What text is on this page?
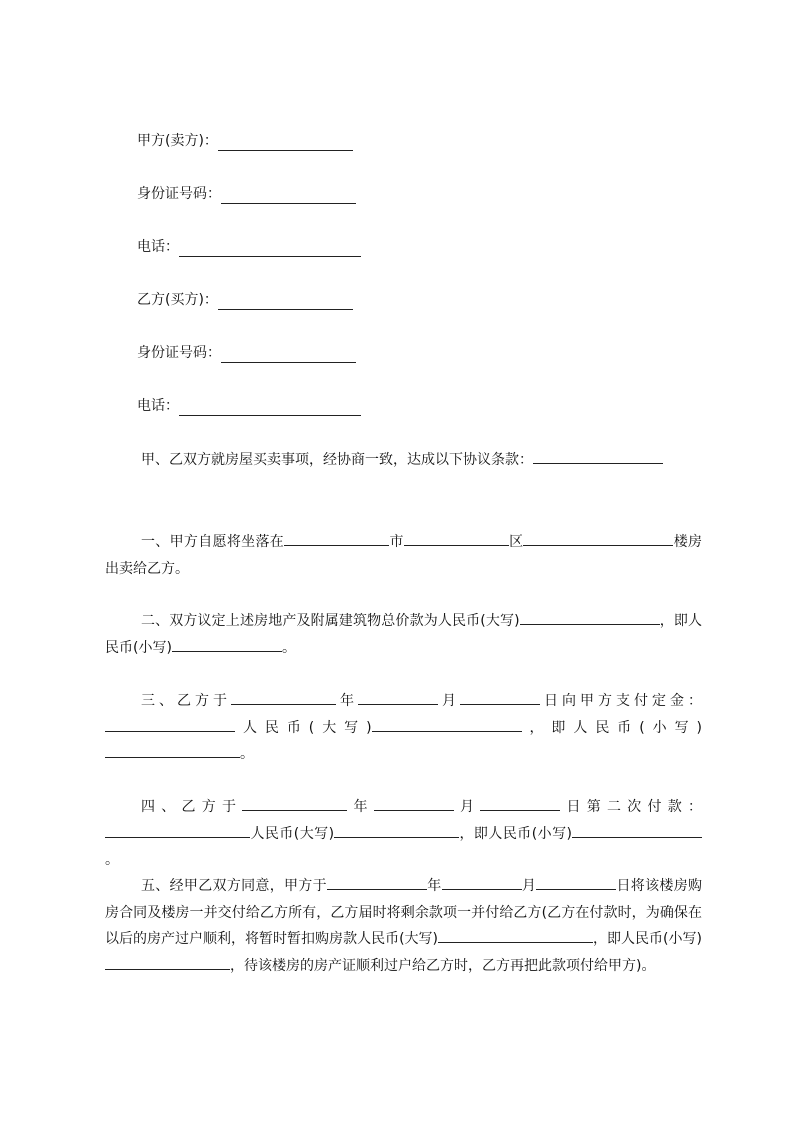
甲方(卖方)：
身份证号码：
电话：
乙方(买方)：
身份证号码：
电话：

甲、乙双方就房屋买卖事项，经协商一致，达成以下协议条款：

一、甲方自愿将坐落在	市	区	楼房出卖给乙方。

二、双方议定上述房地产及附属建筑物总价款为人民币(大写)	，即人民币(小写)	。

三、乙方于	年	月	日向甲方支付定金：人民币(大写)	，即人民币(小写)。

四、乙方于	年	月	日第二次付款：人民币(大写)	，即人民币(小写)。

五、经甲乙双方同意，甲方于	年	月	日将该楼房购房合同及楼房一并交付给乙方所有，乙方届时将剩余款项一并付给乙方(乙方在付款时，为确保在以后的房产过户顺利，将暂时暂扣购房款人民币(大写)	，即人民币(小写)，待该楼房的房产证顺利过户给乙方时，乙方再把此款项付给甲方)。
